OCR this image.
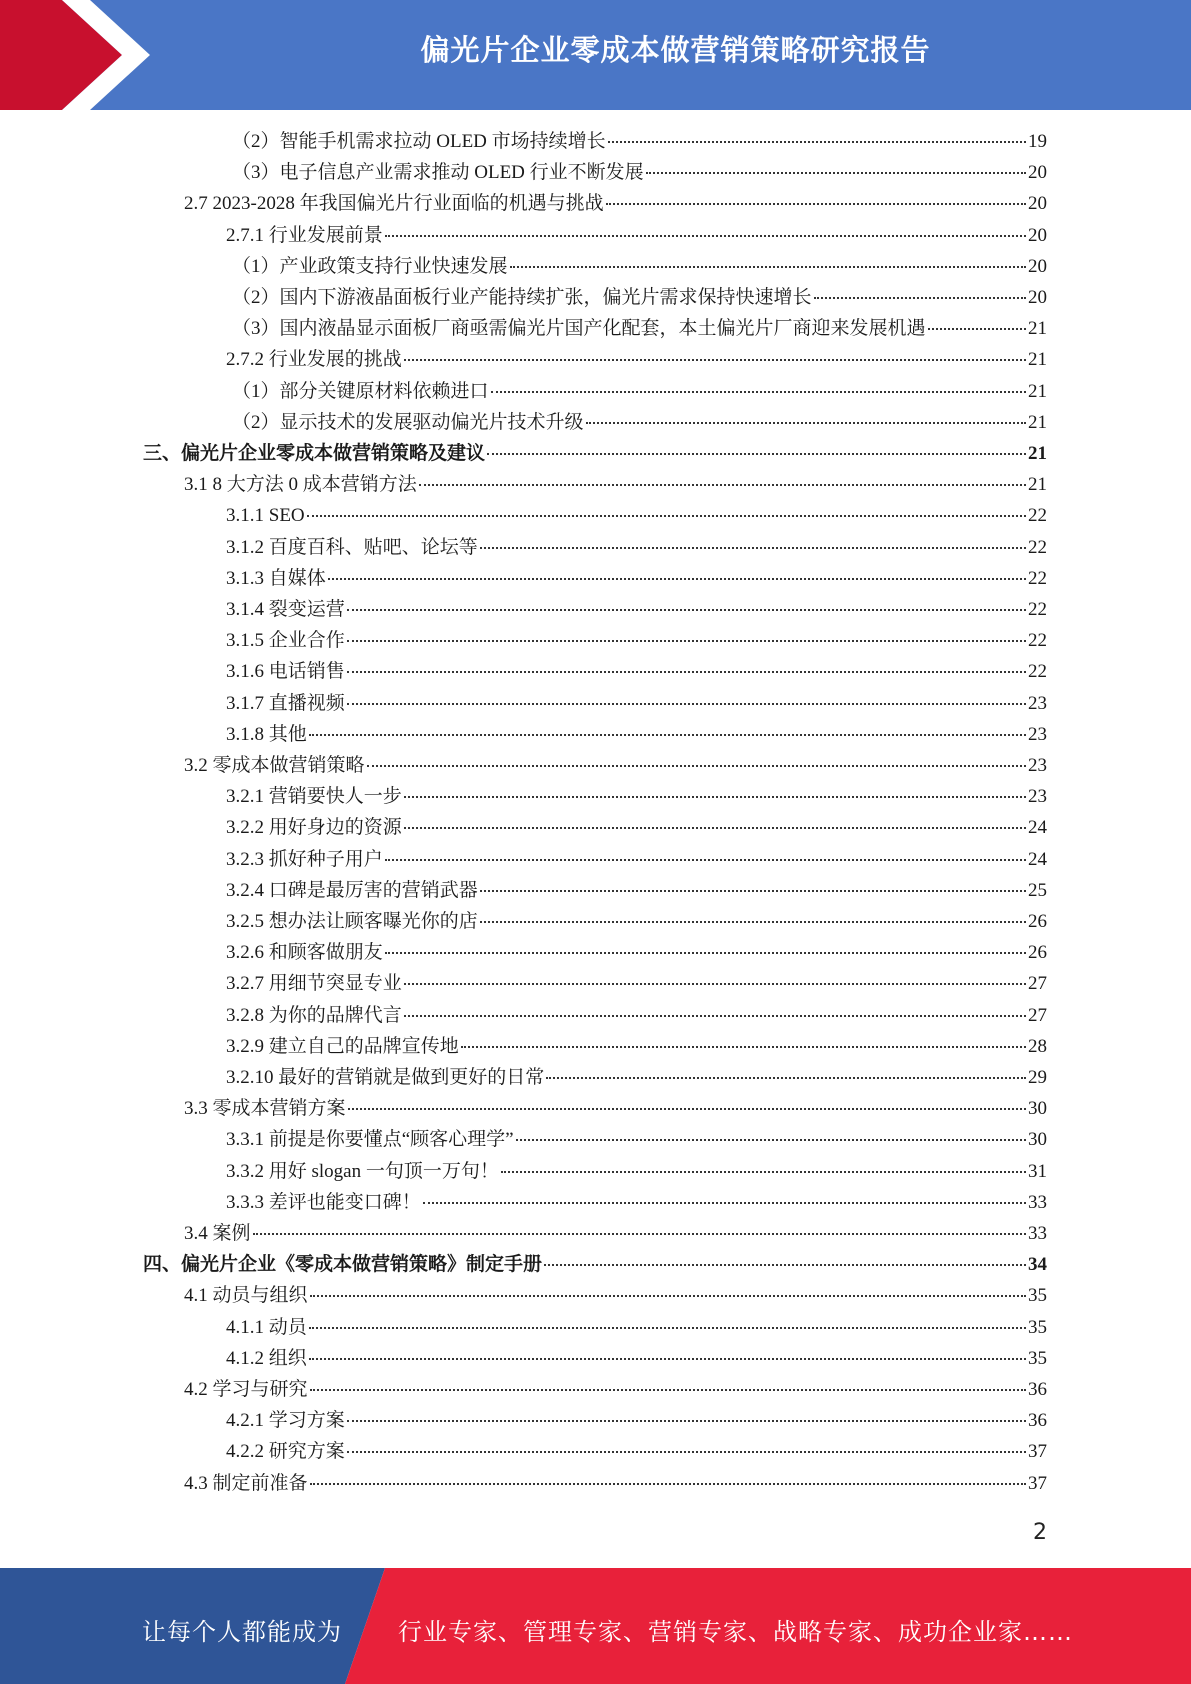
偏光片企业零成本做营销策略研究报告
（2）智能手机需求拉动 OLED 市场持续增长	19
（3）电子信息产业需求推动 OLED 行业不断发展	20
2.7 2023-2028 年我国偏光片行业面临的机遇与挑战	20
2.7.1 行业发展前景	20
（1）产业政策支持行业快速发展	20
（2）国内下游液晶面板行业产能持续扩张，偏光片需求保持快速增长	20
（3）国内液晶显示面板厂商亟需偏光片国产化配套，本土偏光片厂商迎来发展机遇	21
2.7.2 行业发展的挑战	21
（1）部分关键原材料依赖进口	21
（2）显示技术的发展驱动偏光片技术升级	21
三、偏光片企业零成本做营销策略及建议	21
3.1 8 大方法 0 成本营销方法	21
3.1.1 SEO	22
3.1.2 百度百科、贴吧、论坛等	22
3.1.3 自媒体	22
3.1.4 裂变运营	22
3.1.5 企业合作	22
3.1.6 电话销售	22
3.1.7 直播视频	23
3.1.8 其他	23
3.2 零成本做营销策略	23
3.2.1 营销要快人一步	23
3.2.2 用好身边的资源	24
3.2.3 抓好种子用户	24
3.2.4 口碑是最厉害的营销武器	25
3.2.5 想办法让顾客曝光你的店	26
3.2.6 和顾客做朋友	26
3.2.7 用细节突显专业	27
3.2.8 为你的品牌代言	27
3.2.9 建立自己的品牌宣传地	28
3.2.10 最好的营销就是做到更好的日常	29
3.3 零成本营销方案	30
3.3.1 前提是你要懂点“顾客心理学”	30
3.3.2 用好 slogan 一句顶一万句！	31
3.3.3 差评也能变口碑！	33
3.4 案例	33
四、偏光片企业《零成本做营销策略》制定手册	34
4.1 动员与组织	35
4.1.1 动员	35
4.1.2 组织	35
4.2 学习与研究	36
4.2.1 学习方案	36
4.2.2 研究方案	37
4.3 制定前准备	37
2
让每个人都能成为 行业专家、管理专家、营销专家、战略专家、成功企业家……
